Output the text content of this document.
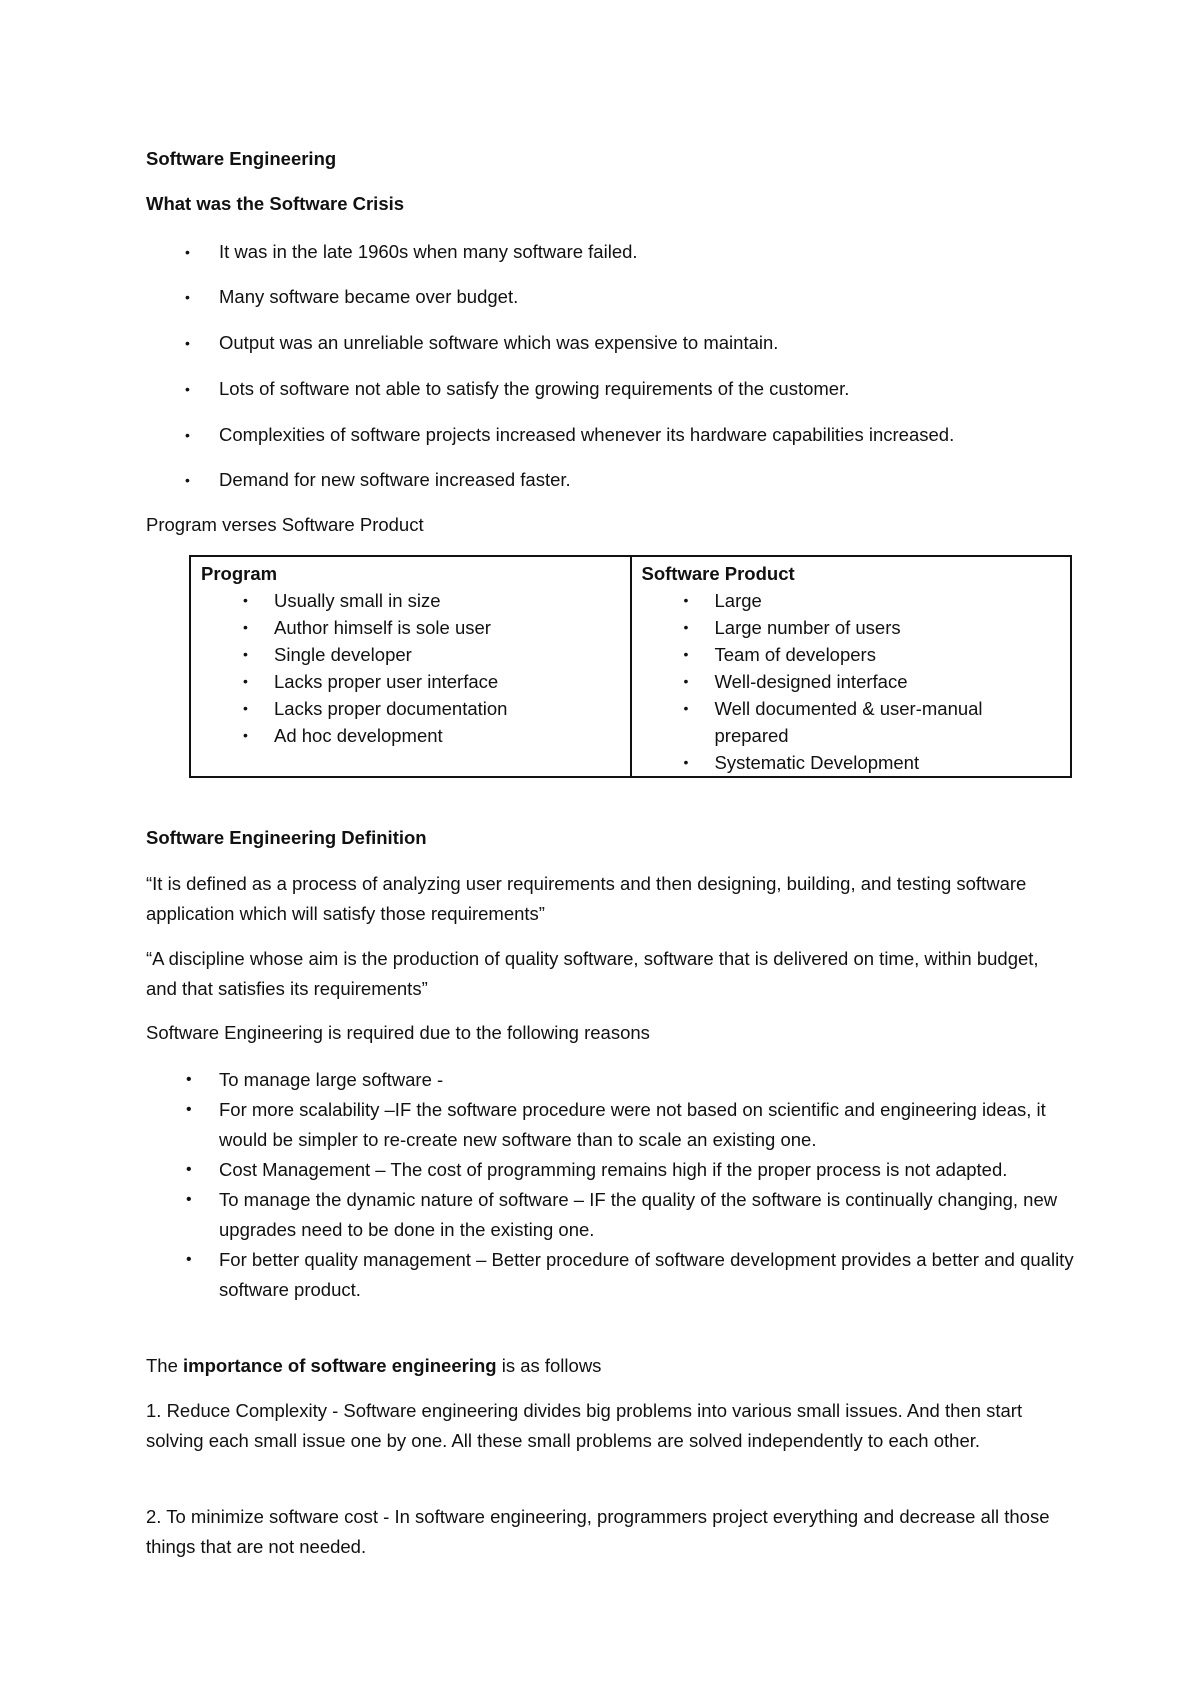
Software Engineering
What was the Software Crisis
• It was in the late 1960s when many software failed.
• Many software became over budget.
• Output was an unreliable software which was expensive to maintain.
• Lots of software not able to satisfy the growing requirements of the customer.
• Complexities of software projects increased whenever its hardware capabilities increased.
• Demand for new software increased faster.
Program verses Software Product
Program
• Usually small in size
• Author himself is sole user
• Single developer
• Lacks proper user interface
• Lacks proper documentation
• Ad hoc development

Software Product
• Large
• Large number of users
• Team of developers
• Well-designed interface
• Well documented & user-manual prepared
• Systematic Development
Software Engineering Definition
“It is defined as a process of analyzing user requirements and then designing, building, and testing software application which will satisfy those requirements”
“A discipline whose aim is the production of quality software, software that is delivered on time, within budget, and that satisfies its requirements”
Software Engineering is required due to the following reasons
• To manage large software -
• For more scalability –IF the software procedure were not based on scientific and engineering ideas, it would be simpler to re-create new software than to scale an existing one.
• Cost Management – The cost of programming remains high if the proper process is not adapted.
• To manage the dynamic nature of software – IF the quality of the software is continually changing, new upgrades need to be done in the existing one.
• For better quality management – Better procedure of software development provides a better and quality software product.
The importance of software engineering is as follows
1. Reduce Complexity - Software engineering divides big problems into various small issues. And then start solving each small issue one by one. All these small problems are solved independently to each other.
2. To minimize software cost - In software engineering, programmers project everything and decrease all those things that are not needed.
